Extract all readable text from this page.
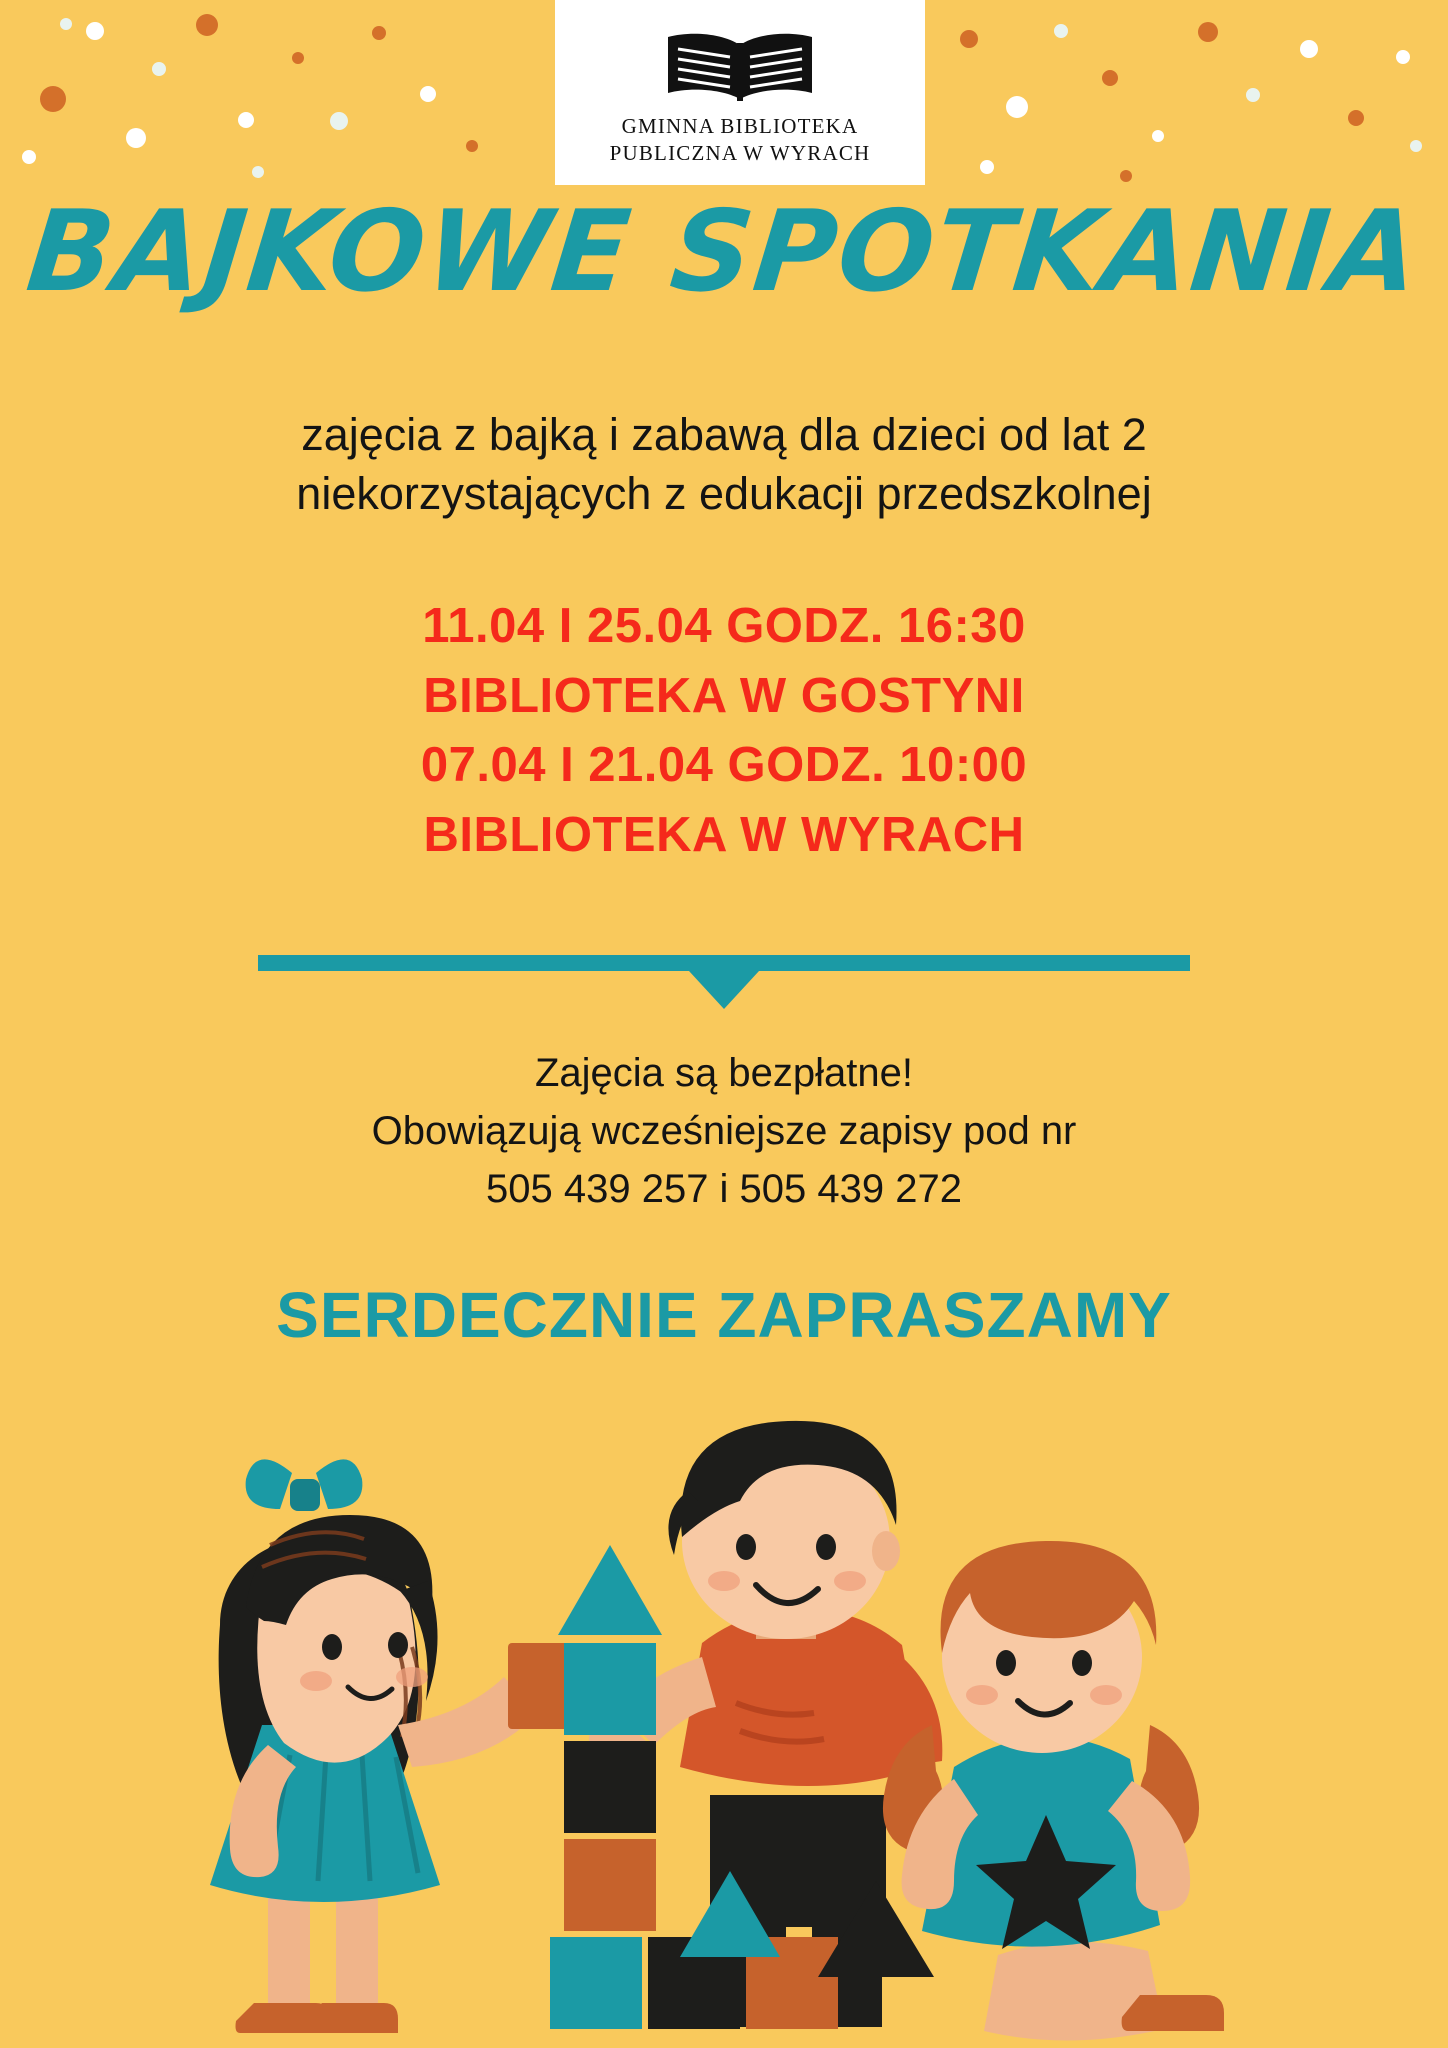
GMINNA BIBLIOTEKA
PUBLICZNA W WYRACH
BAJKOWE SPOTKANIA
zajęcia z bajką i zabawą dla dzieci od lat 2
niekorzystających z edukacji przedszkolnej
11.04 I 25.04 GODZ. 16:30
BIBLIOTEKA W GOSTYNI
07.04 I 21.04 GODZ. 10:00
BIBLIOTEKA W WYRACH
Zajęcia są bezpłatne!
Obowiązują wcześniejsze zapisy pod nr
505 439 257 i 505 439 272
SERDECZNIE ZAPRASZAMY
